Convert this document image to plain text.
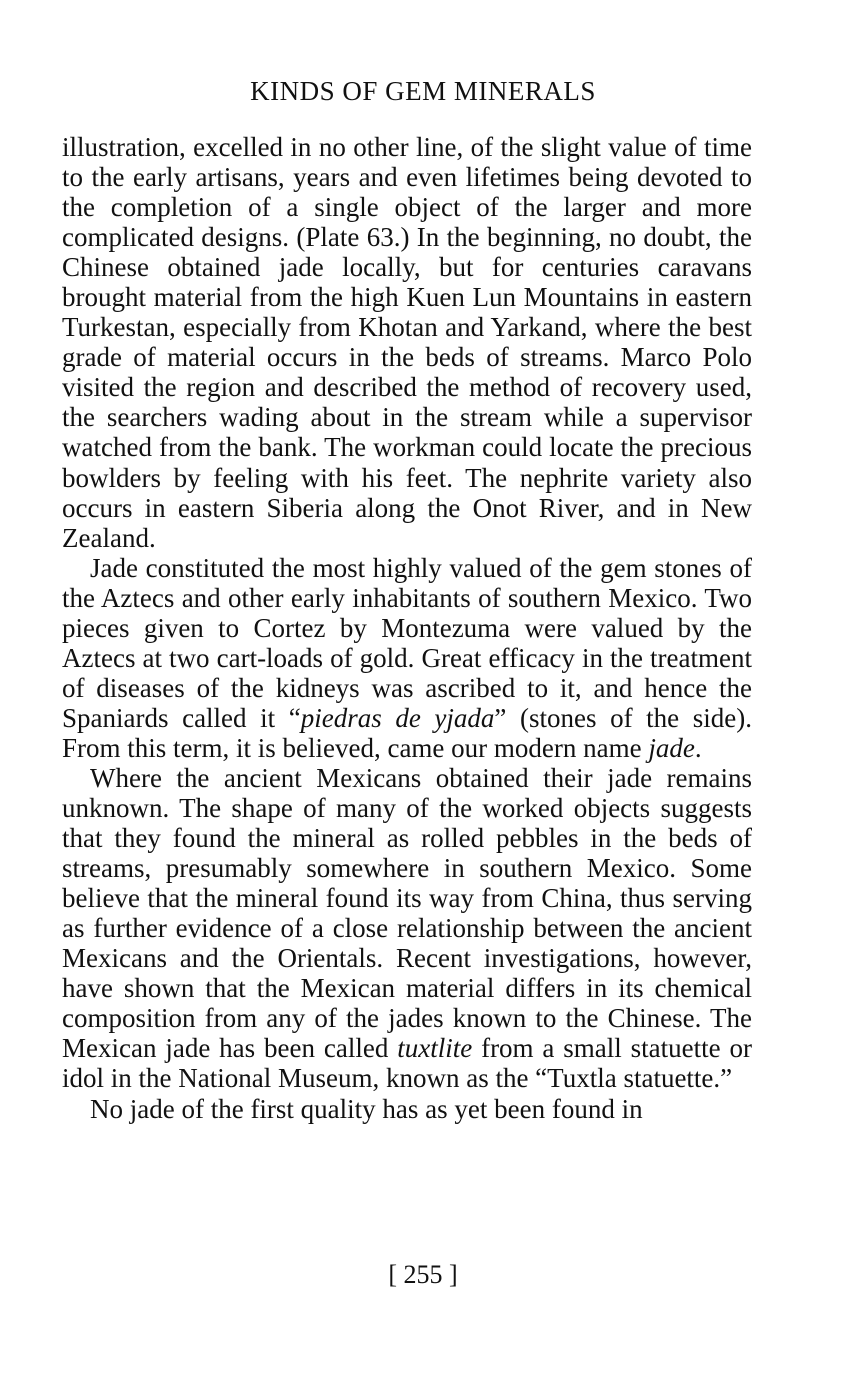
KINDS OF GEM MINERALS

illustration, excelled in no other line, of the slight value of time to the early artisans, years and even lifetimes being devoted to the completion of a single object of the larger and more complicated designs. (Plate 63.) In the beginning, no doubt, the Chinese obtained jade locally, but for centuries caravans brought material from the high Kuen Lun Mountains in eastern Turkestan, especially from Khotan and Yarkand, where the best grade of material occurs in the beds of streams. Marco Polo visited the region and described the method of recovery used, the searchers wading about in the stream while a supervisor watched from the bank. The workman could locate the precious bowlders by feeling with his feet. The nephrite variety also occurs in eastern Siberia along the Onot River, and in New Zealand.

Jade constituted the most highly valued of the gem stones of the Aztecs and other early inhabitants of southern Mexico. Two pieces given to Cortez by Montezuma were valued by the Aztecs at two cart-loads of gold. Great efficacy in the treatment of diseases of the kidneys was ascribed to it, and hence the Spaniards called it “piedras de yjada” (stones of the side). From this term, it is believed, came our modern name jade.

Where the ancient Mexicans obtained their jade remains unknown. The shape of many of the worked objects suggests that they found the mineral as rolled pebbles in the beds of streams, presumably somewhere in southern Mexico. Some believe that the mineral found its way from China, thus serving as further evidence of a close relationship between the ancient Mexicans and the Orientals. Recent investigations, however, have shown that the Mexican material differs in its chemical composition from any of the jades known to the Chinese. The Mexican jade has been called tuxtlite from a small statuette or idol in the National Museum, known as the “Tuxtla statuette.”

No jade of the first quality has as yet been found in

[ 255 ]
